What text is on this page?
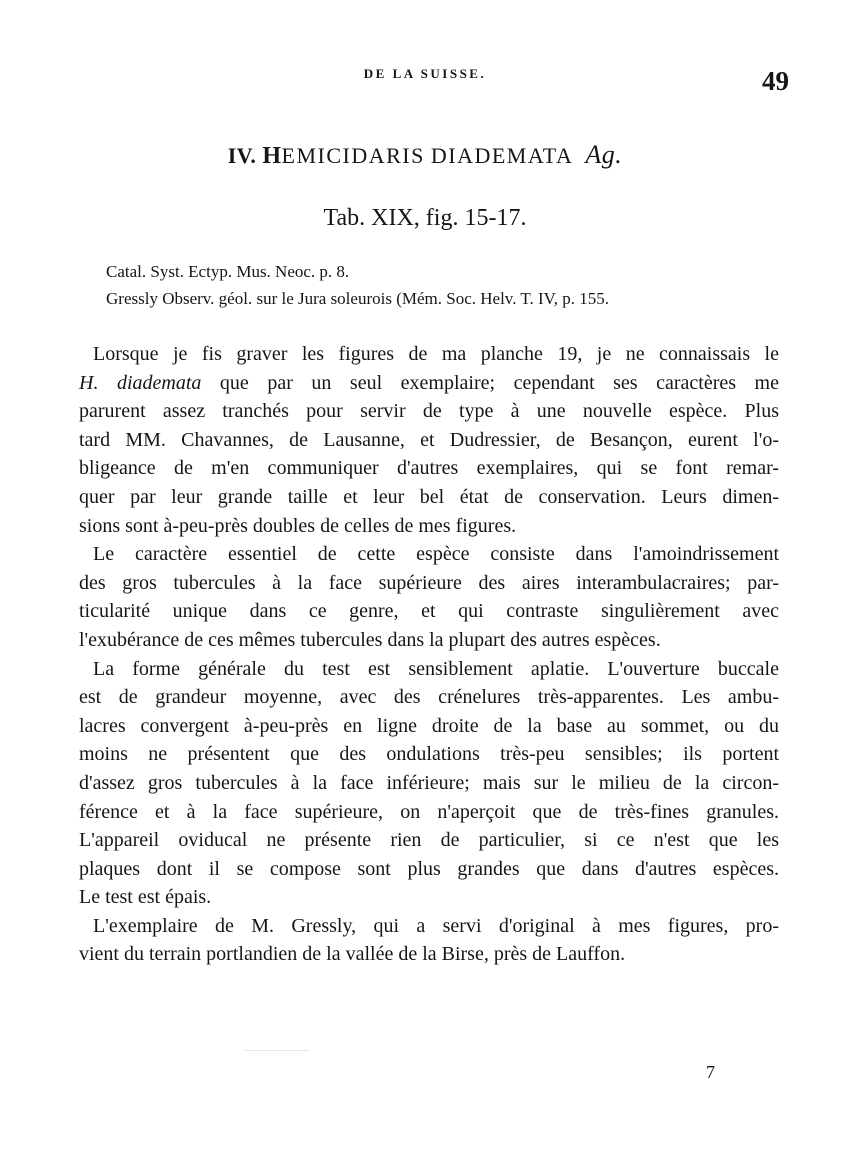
DE LA SUISSE.	49
IV. HEMICIDARIS DIADEMATA Ag.
Tab. XIX, fig. 15-17.
Catal. Syst. Ectyp. Mus. Neoc. p. 8.
Gressly Observ. géol. sur le Jura soleurois (Mém. Soc. Helv. T. IV, p. 155.

Lorsque je fis graver les figures de ma planche 19, je ne connaissais le
H. diademata que par un seul exemplaire; cependant ses caractères me
parurent assez tranchés pour servir de type à une nouvelle espèce. Plus
tard MM. Chavannes, de Lausanne, et Dudressier, de Besançon, eurent l'o-
bligeance de m'en communiquer d'autres exemplaires, qui se font remar-
quer par leur grande taille et leur bel état de conservation. Leurs dimen-
sions sont à-peu-près doubles de celles de mes figures.

Le caractère essentiel de cette espèce consiste dans l'amoindrissement
des gros tubercules à la face supérieure des aires interambulacraires; par-
ticularité unique dans ce genre, et qui contraste singulièrement avec
l'exubérance de ces mêmes tubercules dans la plupart des autres espèces.

La forme générale du test est sensiblement aplatie. L'ouverture buccale
est de grandeur moyenne, avec des crénelures très-apparentes. Les ambu-
lacres convergent à-peu-près en ligne droite de la base au sommet, ou du
moins ne présentent que des ondulations très-peu sensibles; ils portent
d'assez gros tubercules à la face inférieure; mais sur le milieu de la circon-
férence et à la face supérieure, on n'aperçoit que de très-fines granules.
L'appareil oviducal ne présente rien de particulier, si ce n'est que les
plaques dont il se compose sont plus grandes que dans d'autres espèces.
Le test est épais.

L'exemplaire de M. Gressly, qui a servi d'original à mes figures, pro-
vient du terrain portlandien de la vallée de la Birse, près de Lauffon.

7
